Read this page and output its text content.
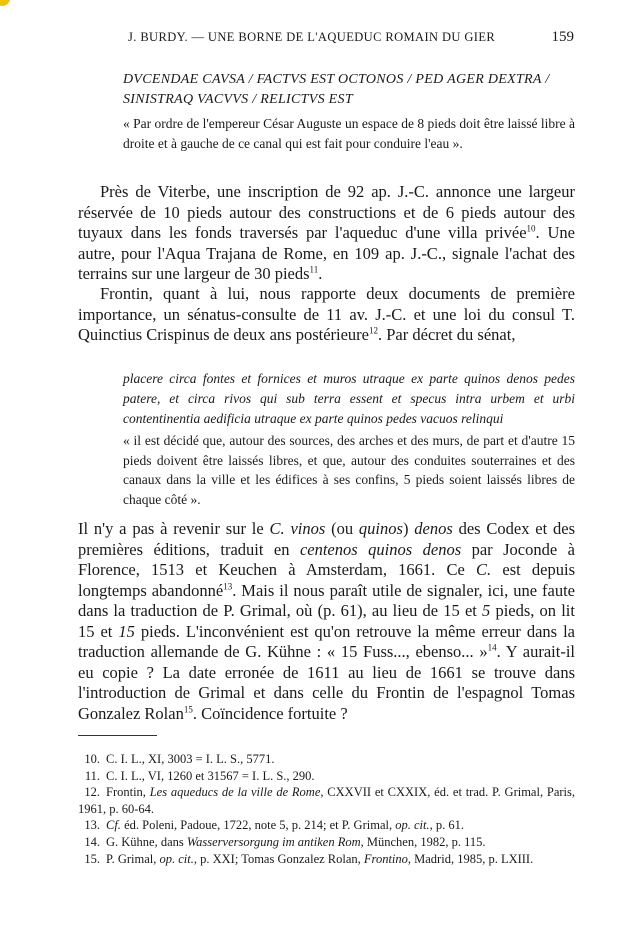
J. BURDY. — UNE BORNE DE L'AQUEDUC ROMAIN DU GIER	159
DVCENDAE CAVSA / FACTVS EST OCTONOS / PED AGER DEXTRA /
SINISTRAQ VACVVS / RELICTVS EST
« Par ordre de l'empereur César Auguste un espace de 8 pieds doit être laissé libre à droite et à gauche de ce canal qui est fait pour conduire l'eau ».
Près de Viterbe, une inscription de 92 ap. J.-C. annonce une largeur réservée de 10 pieds autour des constructions et de 6 pieds autour des tuyaux dans les fonds traversés par l'aqueduc d'une villa privée$^{10}$. Une autre, pour l'Aqua Trajana de Rome, en 109 ap. J.-C., signale l'achat des terrains sur une largeur de 30 pieds$^{11}$.
Frontin, quant à lui, nous rapporte deux documents de première importance, un sénatus-consulte de 11 av. J.-C. et une loi du consul T. Quinctius Crispinus de deux ans postérieure$^{12}$. Par décret du sénat,
placere circa fontes et fornices et muros utraque ex parte quinos denos pedes patere, et circa rivos qui sub terra essent et specus intra urbem et urbi contentinentia aedificia utraque ex parte quinos pedes vacuos relinqui
« il est décidé que, autour des sources, des arches et des murs, de part et d'autre 15 pieds doivent être laissés libres, et que, autour des conduites souterraines et des canaux dans la ville et les édifices à ses confins, 5 pieds soient laissés libres de chaque côté ».
Il n'y a pas à revenir sur le C. vinos (ou quinos) denos des Codex et des premières éditions, traduit en centenos quinos denos par Joconde à Florence, 1513 et Keuchen à Amsterdam, 1661. Ce C. est depuis longtemps abandonné$^{13}$. Mais il nous paraît utile de signaler, ici, une faute dans la traduction de P. Grimal, où (p. 61), au lieu de 15 et 5 pieds, on lit 15 et 15 pieds. L'inconvénient est qu'on retrouve la même erreur dans la traduction allemande de G. Kühne : « 15 Fuss..., ebenso... »$^{14}$. Y aurait-il eu copie ? La date erronée de 1611 au lieu de 1661 se trouve dans l'introduction de Grimal et dans celle du Frontin de l'espagnol Tomas Gonzalez Rolan$^{15}$. Coïncidence fortuite ?
10. C. I. L., XI, 3003 = I. L. S., 5771.
11. C. I. L., VI, 1260 et 31567 = I. L. S., 290.
12. Frontin, Les aqueducs de la ville de Rome, CXXVII et CXXIX, éd. et trad. P. Grimal, Paris, 1961, p. 60-64.
13. Cf. éd. Poleni, Padoue, 1722, note 5, p. 214; et P. Grimal, op. cit., p. 61.
14. G. Kühne, dans Wasserversorgung im antiken Rom, München, 1982, p. 115.
15. P. Grimal, op. cit., p. XXI; Tomas Gonzalez Rolan, Frontino, Madrid, 1985, p. LXIII.
